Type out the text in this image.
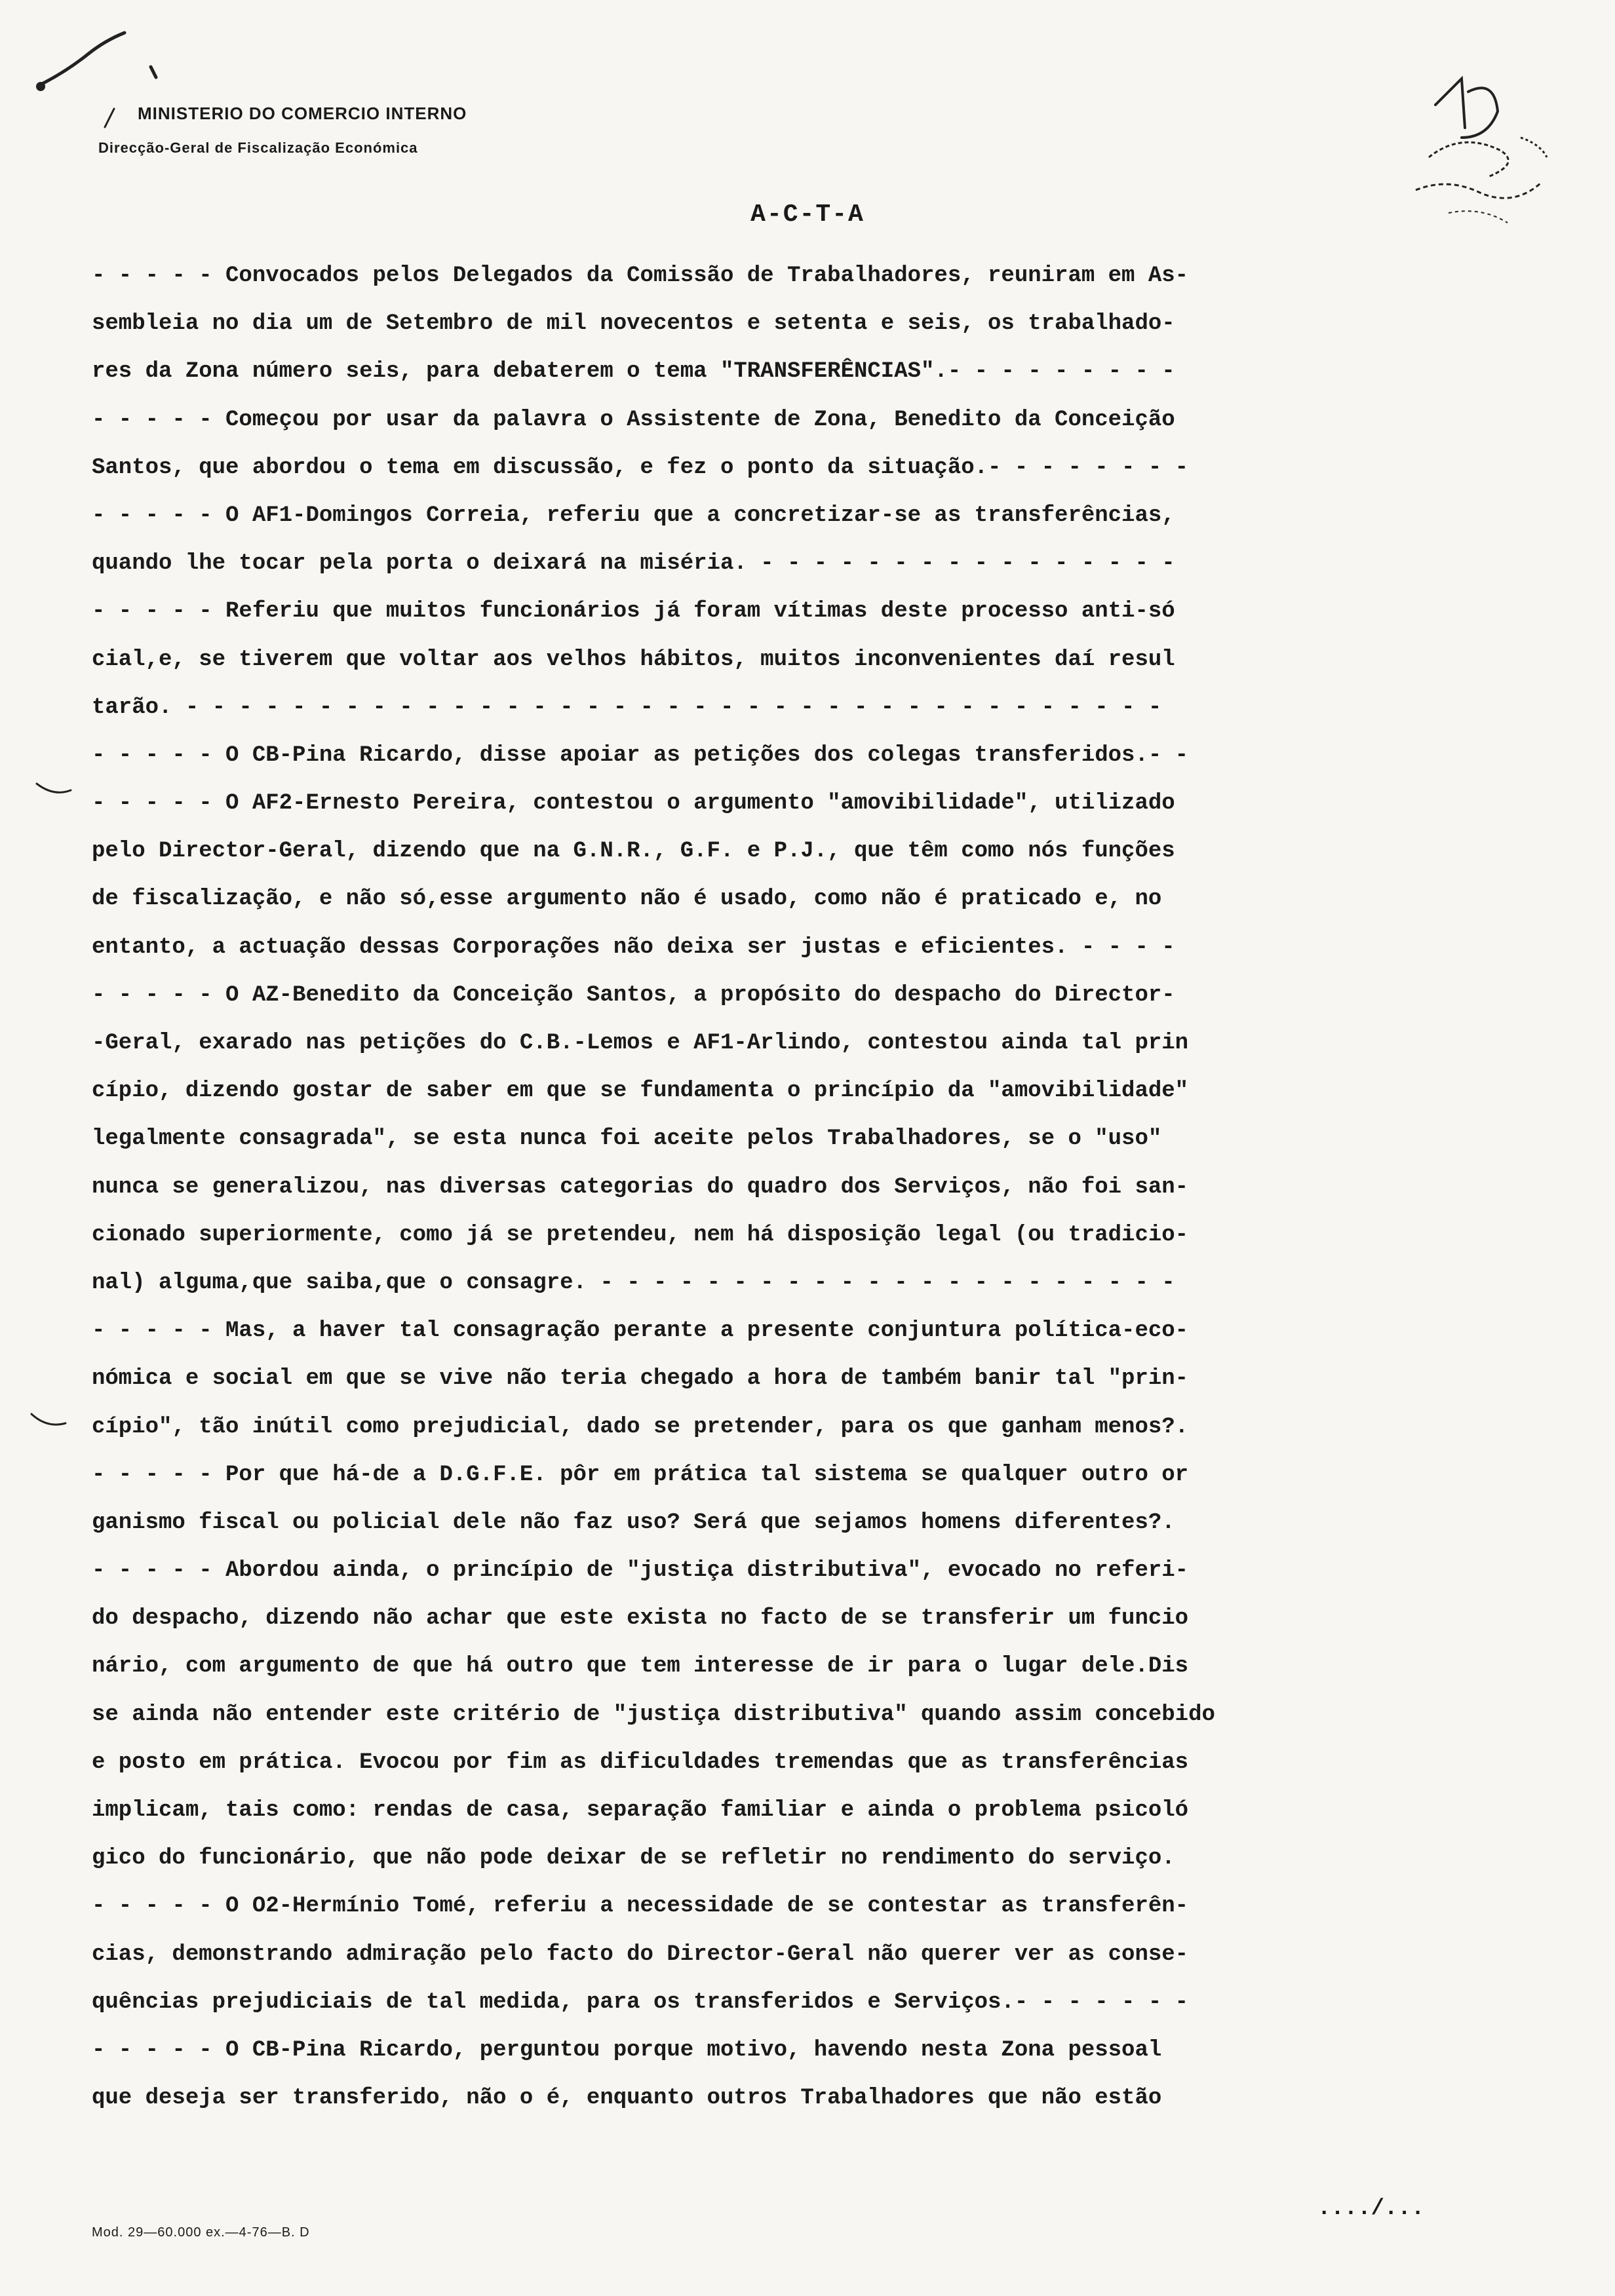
MINISTERIO DO COMERCIO INTERNO
Direcção-Geral de Fiscalização Económica
A-C-T-A
- - - - - Convocados pelos Delegados da Comissão de Trabalhadores, reuniram em As-
sembleia no dia um de Setembro de mil novecentos e setenta e seis, os trabalhado-
res da Zona número seis, para debaterem o tema "TRANSFERÊNCIAS".- - - - - - - - -
- - - - - Começou por usar da palavra o Assistente de Zona, Benedito da Conceição
Santos, que abordou o tema em discussão, e fez o ponto da situação.- - - - - - - -
- - - - - O AF1-Domingos Correia, referiu que a concretizar-se as transferências,
quando lhe tocar pela porta o deixará na miséria. - - - - - - - - - - - - - - - -
- - - - - Referiu que muitos funcionários já foram vítimas deste processo anti-só
cial,e, se tiverem que voltar aos velhos hábitos, muitos inconvenientes daí resul
tarão. - - - - - - - - - - - - - - - - - - - - - - - - - - - - - - - - - - - - -
- - - - - O CB-Pina Ricardo, disse apoiar as petições dos colegas transferidos.- -
- - - - - O AF2-Ernesto Pereira, contestou o argumento "amovibilidade", utilizado
pelo Director-Geral, dizendo que na G.N.R., G.F. e P.J., que têm como nós funções
de fiscalização, e não só,esse argumento não é usado, como não é praticado e, no
entanto, a actuação dessas Corporações não deixa ser justas e eficientes. - - - -
- - - - - O AZ-Benedito da Conceição Santos, a propósito do despacho do Director-
-Geral, exarado nas petições do C.B.-Lemos e AF1-Arlindo, contestou ainda tal prin
cípio, dizendo gostar de saber em que se fundamenta o princípio da "amovibilidade"
legalmente consagrada", se esta nunca foi aceite pelos Trabalhadores, se o "uso"
nunca se generalizou, nas diversas categorias do quadro dos Serviços, não foi san-
cionado superiormente, como já se pretendeu, nem há disposição legal (ou tradicio-
nal) alguma,que saiba,que o consagre. - - - - - - - - - - - - - - - - - - - - - -
- - - - - Mas, a haver tal consagração perante a presente conjuntura política-eco-
nómica e social em que se vive não teria chegado a hora de também banir tal "prin-
cípio", tão inútil como prejudicial, dado se pretender, para os que ganham menos?.
- - - - - Por que há-de a D.G.F.E. pôr em prática tal sistema se qualquer outro or
ganismo fiscal ou policial dele não faz uso? Será que sejamos homens diferentes?.
- - - - - Abordou ainda, o princípio de "justiça distributiva", evocado no referi-
do despacho, dizendo não achar que este exista no facto de se transferir um funcio
nário, com argumento de que há outro que tem interesse de ir para o lugar dele.Dis
se ainda não entender este critério de "justiça distributiva" quando assim concebido
e posto em prática. Evocou por fim as dificuldades tremendas que as transferências
implicam, tais como: rendas de casa, separação familiar e ainda o problema psicoló
gico do funcionário, que não pode deixar de se refletir no rendimento do serviço.
- - - - - O O2-Hermínio Tomé, referiu a necessidade de se contestar as transferên-
cias, demonstrando admiração pelo facto do Director-Geral não querer ver as conse-
quências prejudiciais de tal medida, para os transferidos e Serviços.- - - - - - -
- - - - - O CB-Pina Ricardo, perguntou porque motivo, havendo nesta Zona pessoal
que deseja ser transferido, não o é, enquanto outros Trabalhadores que não estão
..../...
Mod. 29—60.000 ex.—4-76—B. D
